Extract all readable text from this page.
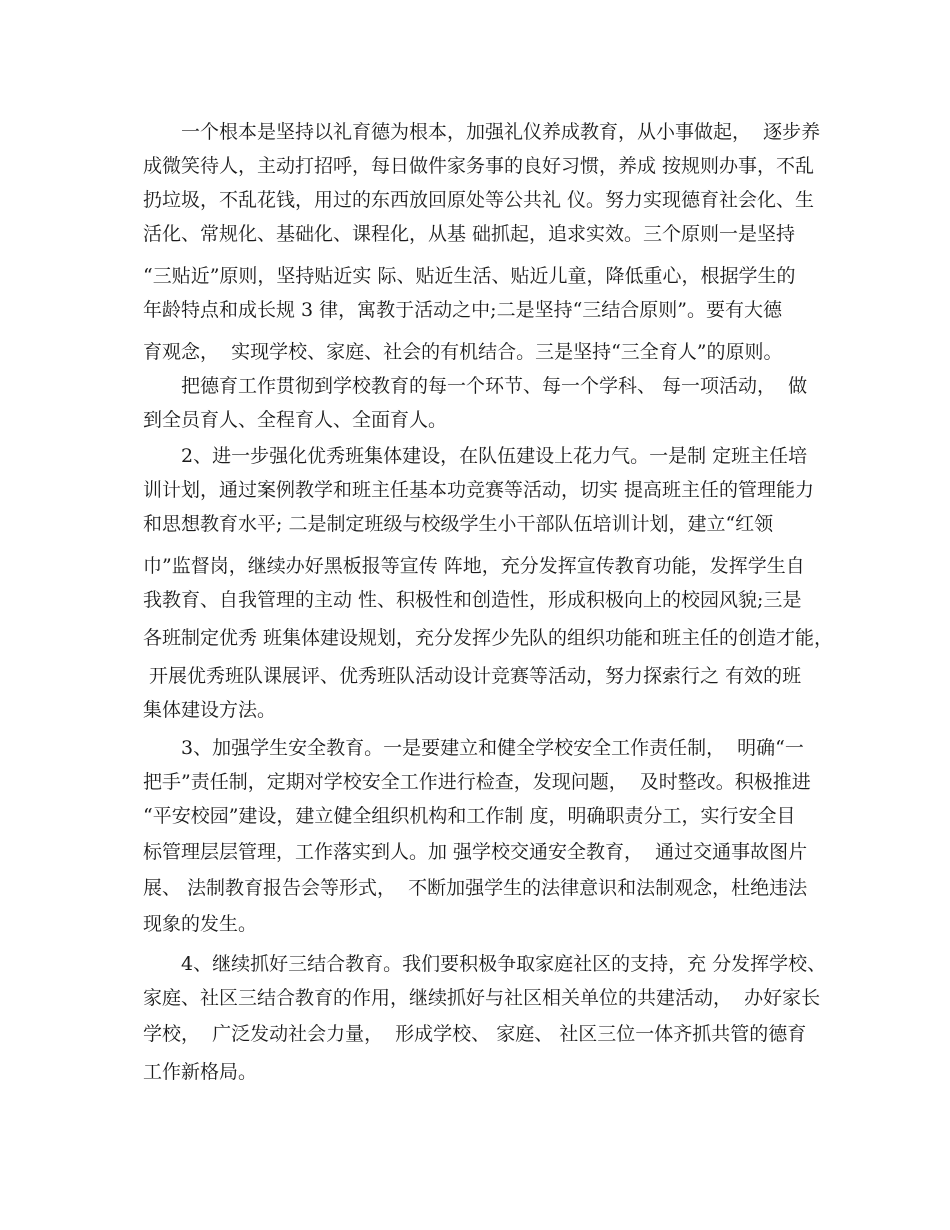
一个根本是坚持以礼育德为根本，加强礼仪养成教育，从小事做起，  逐步养

成微笑待人，主动打招呼，每日做件家务事的良好习惯，养成 按规则办事，不乱

扔垃圾，不乱花钱，用过的东西放回原处等公共礼 仪。努力实现德育社会化、生

活化、常规化、基础化、课程化，从基 础抓起，追求实效。三个原则一是坚持

“三贴近”原则，坚持贴近实 际、贴近生活、贴近儿童，降低重心，根据学生的

年龄特点和成长规 3 律，寓教于活动之中;二是坚持“三结合原则”。要有大德

育观念，  实现学校、家庭、社会的有机结合。三是坚持“三全育人”的原则。

把德育工作贯彻到学校教育的每一个环节、每一个学科、 每一项活动，  做

到全员育人、全程育人、全面育人。

2、进一步强化优秀班集体建设，在队伍建设上花力气。一是制 定班主任培

训计划，通过案例教学和班主任基本功竞赛等活动，切实 提高班主任的管理能力

和思想教育水平; 二是制定班级与校级学生小干部队伍培训计划，建立“红领

巾”监督岗，继续办好黑板报等宣传 阵地，充分发挥宣传教育功能，发挥学生自

我教育、自我管理的主动 性、积极性和创造性，形成积极向上的校园风貌;三是

各班制定优秀 班集体建设规划，充分发挥少先队的组织功能和班主任的创造才能，

开展优秀班队课展评、优秀班队活动设计竞赛等活动，努力探索行之 有效的班

集体建设方法。

3、加强学生安全教育。一是要建立和健全学校安全工作责任制，  明确“一

把手”责任制，定期对学校安全工作进行检查，发现问题，  及时整改。积极推进

“平安校园”建设，建立健全组织机构和工作制 度，明确职责分工，实行安全目

标管理层层管理，工作落实到人。加 强学校交通安全教育，  通过交通事故图片

展、 法制教育报告会等形式，  不断加强学生的法律意识和法制观念，杜绝违法

现象的发生。

4、继续抓好三结合教育。我们要积极争取家庭社区的支持，充 分发挥学校、

家庭、社区三结合教育的作用，继续抓好与社区相关单位的共建活动，  办好家长

学校，  广泛发动社会力量，  形成学校、 家庭、 社区三位一体齐抓共管的德育

工作新格局。
